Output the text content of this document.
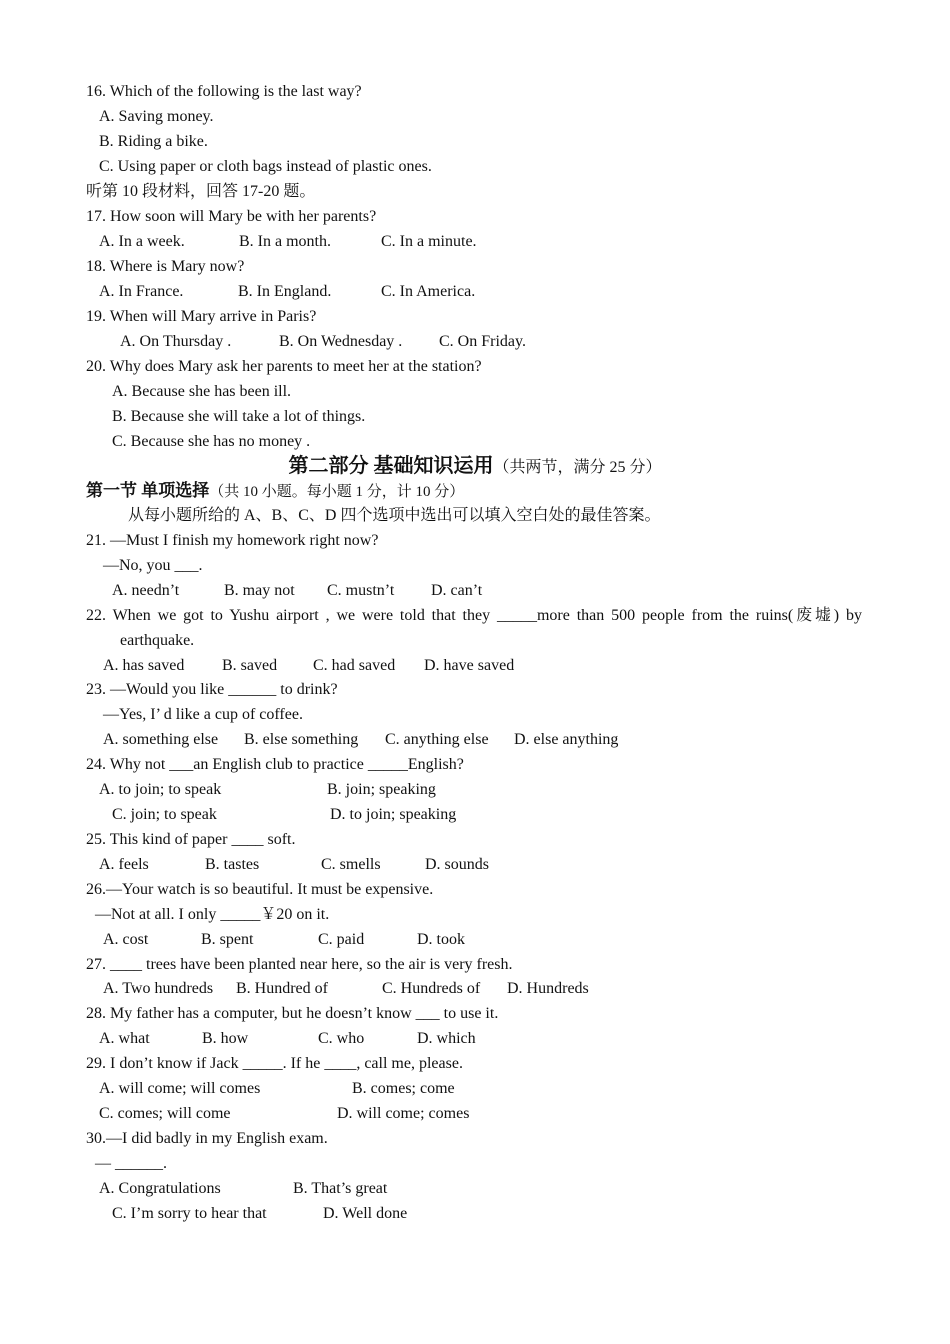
16. Which of the following is the last way?
A. Saving money.
B. Riding a bike.
C. Using paper or cloth bags instead of plastic ones.
听第 10 段材料，回答 17-20 题。
17. How soon will Mary be with her parents?
A. In a week.	B. In a month.	C. In a minute.
18. Where is Mary now?
A. In France.	B. In England.	C. In America.
19. When will Mary arrive in Paris?
A. On Thursday .	B. On Wednesday . C. On Friday.
20. Why does Mary ask her parents to meet her at the station?
A. Because she has been ill.
B. Because she will take a lot of things.
C. Because she has no money .
第二部分 基础知识运用（共两节，满分 25 分）
第一节 单项选择（共 10 小题。每小题 1 分，计 10 分）
从每小题所给的 A、B、C、D 四个选项中选出可以填入空白处的最佳答案。
21. —Must I finish my homework right now?
—No, you ___.
A. needn’t	B. may not C. mustn’t D. can’t
22. When we got to Yushu airport , we were told that they _____more than 500 people from the ruins(废墟) by
earthquake.
A. has saved B. saved C. had saved D. have saved
23. —Would you like ______ to drink?
—Yes, I’ d like a cup of coffee.
A. something else B. else something C. anything else D. else anything
24. Why not ___an English club to practice _____English?
A. to join; to speak	B. join; speaking
C. join; to speak	D. to join; speaking
25. This kind of paper ____ soft.
A. feels	B. tastes	C. smells	D. sounds
26.—Your watch is so beautiful. It must be expensive.
—Not at all. I only _____￥20 on it.
A. cost	B. spent	C. paid	D. took
27. ____ trees have been planted near here, so the air is very fresh.
A. Two hundreds B. Hundred of	C. Hundreds of D. Hundreds
28. My father has a computer, but he doesn’t know ___ to use it.
A. what	B. how	C. who	D. which
29. I don’t know if Jack _____. If he ____, call me, please.
A. will come; will comes	B. comes; come
C. comes; will come	D. will come; comes
30.—I did badly in my English exam.
— ______.
A. Congratulations	B. That’s great
C. I’m sorry to hear that	D. Well done
